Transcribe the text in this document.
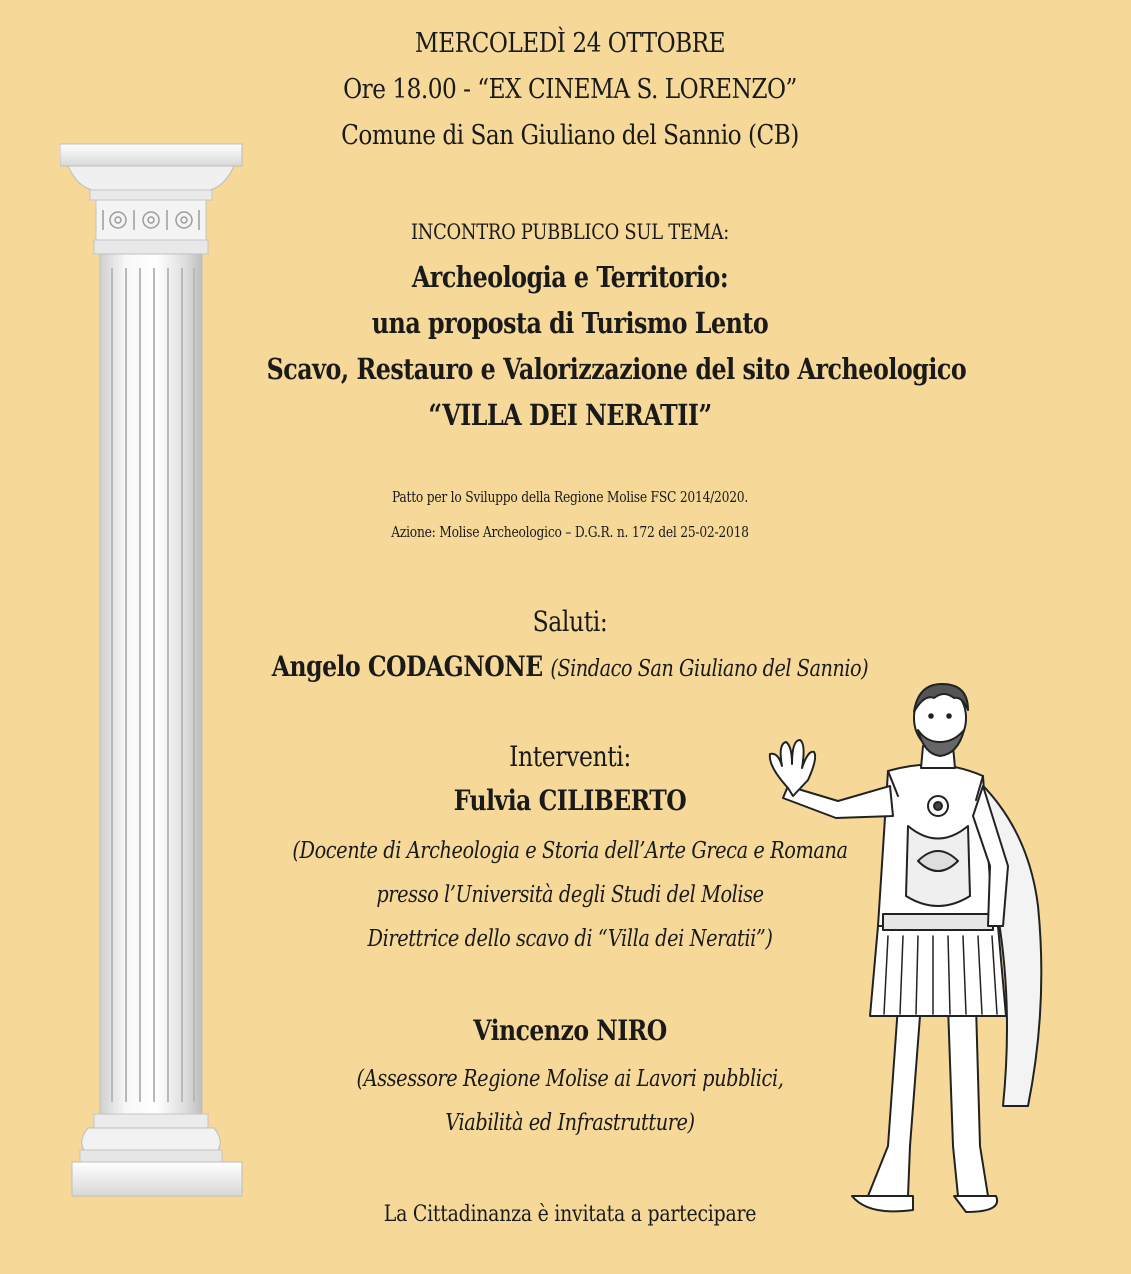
MERCOLEDÌ 24 OTTOBRE
Ore 18.00 - “EX CINEMA S. LORENZO”
Comune di San Giuliano del Sannio (CB)
INCONTRO PUBBLICO SUL TEMA:
Archeologia e Territorio:
una proposta di Turismo Lento
Scavo, Restauro e Valorizzazione del sito Archeologico
“VILLA DEI NERATII”
Patto per lo Sviluppo della Regione Molise FSC 2014/2020.
Azione: Molise Archeologico – D.G.R. n. 172 del 25-02-2018
Saluti:
Angelo CODAGNONE (Sindaco San Giuliano del Sannio)
Interventi:
Fulvia CILIBERTO
(Docente di Archeologia e Storia dell’Arte Greca e Romana
presso l’Università degli Studi del Molise
Direttrice dello scavo di “Villa dei Neratii”)
Vincenzo NIRO
(Assessore Regione Molise ai Lavori pubblici,
Viabilità ed Infrastrutture)
La Cittadinanza è invitata a partecipare
